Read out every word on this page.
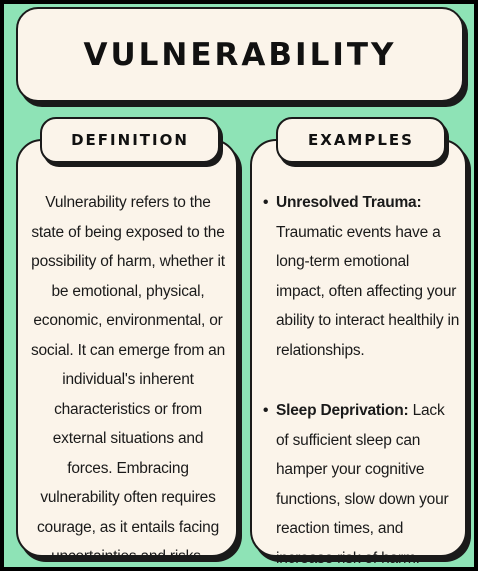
VULNERABILITY
DEFINITION	EXAMPLES

Vulnerability refers to the state of being exposed to the possibility of harm, whether it be emotional, physical, economic, environmental, or social. It can emerge from an individual's inherent characteristics or from external situations and forces. Embracing vulnerability often requires courage, as it entails facing uncertainties and risks.

• Unresolved Trauma: Traumatic events have a long-term emotional impact, often affecting your ability to interact healthily in relationships.
• Sleep Deprivation: Lack of sufficient sleep can hamper your cognitive functions, slow down your reaction times, and increase risk of harm.
